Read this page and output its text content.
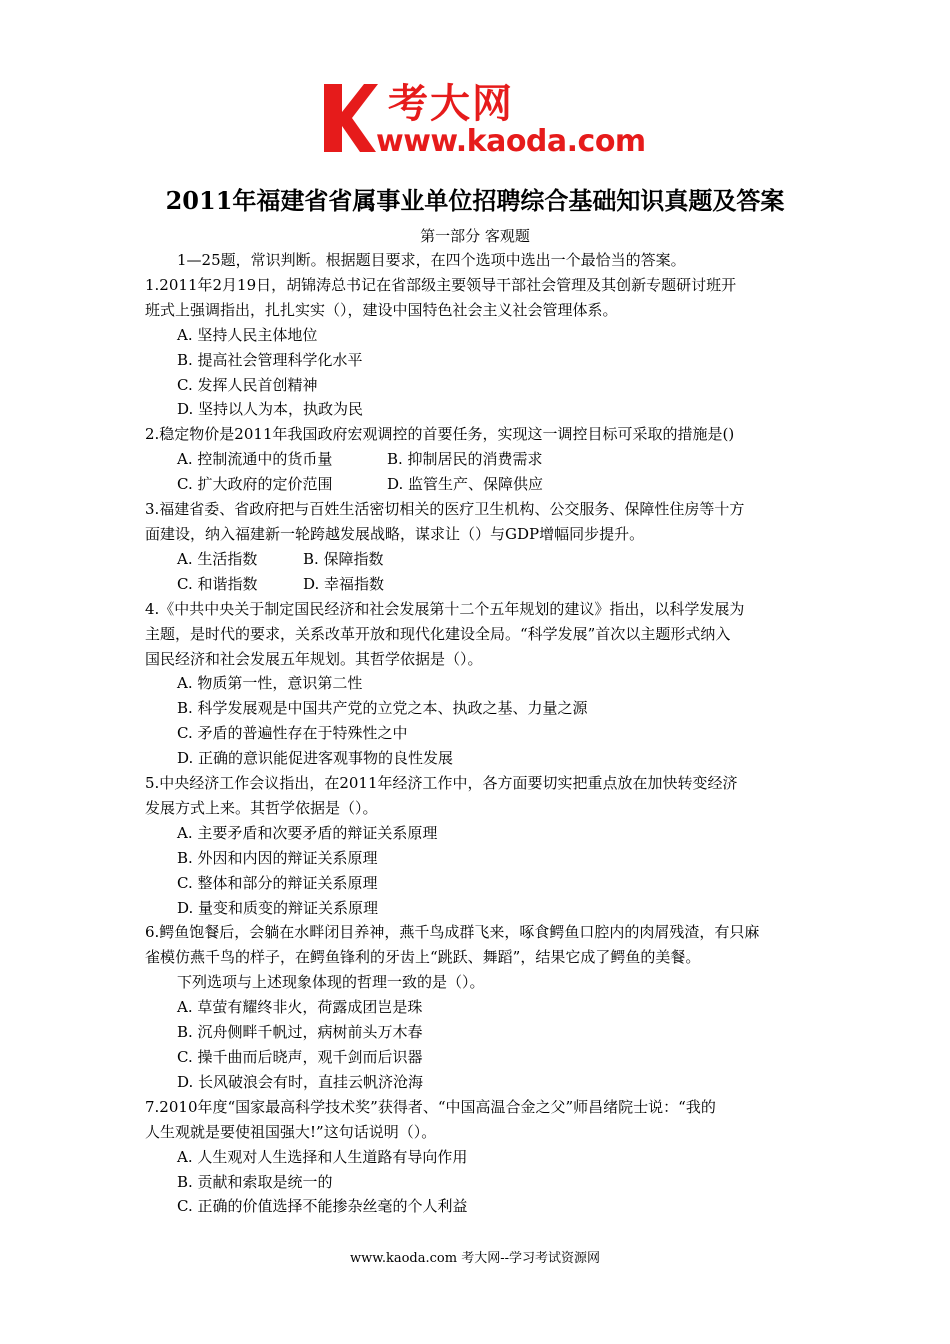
考大网
www.kaoda.com
2011年福建省省属事业单位招聘综合基础知识真题及答案
第一部分 客观题
1—25题，常识判断。根据题目要求，在四个选项中选出一个最恰当的答案。
1.2011年2月19日，胡锦涛总书记在省部级主要领导干部社会管理及其创新专题研讨班开
班式上强调指出，扎扎实实（），建设中国特色社会主义社会管理体系。
A. 坚持人民主体地位
B. 提高社会管理科学化水平
C. 发挥人民首创精神
D. 坚持以人为本，执政为民
2.稳定物价是2011年我国政府宏观调控的首要任务，实现这一调控目标可采取的措施是()
A. 控制流通中的货币量	B. 抑制居民的消费需求
C. 扩大政府的定价范围	D. 监管生产、保障供应
3.福建省委、省政府把与百姓生活密切相关的医疗卫生机构、公交服务、保障性住房等十方
面建设，纳入福建新一轮跨越发展战略，谋求让（）与GDP增幅同步提升。
A. 生活指数	B. 保障指数
C. 和谐指数	D. 幸福指数
4.《中共中央关于制定国民经济和社会发展第十二个五年规划的建议》指出，以科学发展为
主题，是时代的要求，关系改革开放和现代化建设全局。“科学发展”首次以主题形式纳入
国民经济和社会发展五年规划。其哲学依据是（）。
A. 物质第一性，意识第二性
B. 科学发展观是中国共产党的立党之本、执政之基、力量之源
C. 矛盾的普遍性存在于特殊性之中
D. 正确的意识能促进客观事物的良性发展
5.中央经济工作会议指出，在2011年经济工作中，各方面要切实把重点放在加快转变经济
发展方式上来。其哲学依据是（）。
A. 主要矛盾和次要矛盾的辩证关系原理
B. 外因和内因的辩证关系原理
C. 整体和部分的辩证关系原理
D. 量变和质变的辩证关系原理
6.鳄鱼饱餐后，会躺在水畔闭目养神，燕千鸟成群飞来，啄食鳄鱼口腔内的肉屑残渣，有只麻
雀模仿燕千鸟的样子，在鳄鱼锋利的牙齿上“跳跃、舞蹈”，结果它成了鳄鱼的美餐。
下列选项与上述现象体现的哲理一致的是（）。
A. 草萤有耀终非火，荷露成团岂是珠
B. 沉舟侧畔千帆过，病树前头万木春
C. 操千曲而后晓声，观千剑而后识器
D. 长风破浪会有时，直挂云帆济沧海
7.2010年度“国家最高科学技术奖”获得者、“中国高温合金之父”师昌绪院士说：“我的
人生观就是要使祖国强大!”这句话说明（）。
A. 人生观对人生选择和人生道路有导向作用
B. 贡献和索取是统一的
C. 正确的价值选择不能掺杂丝毫的个人利益
www.kaoda.com 考大网--学习考试资源网
